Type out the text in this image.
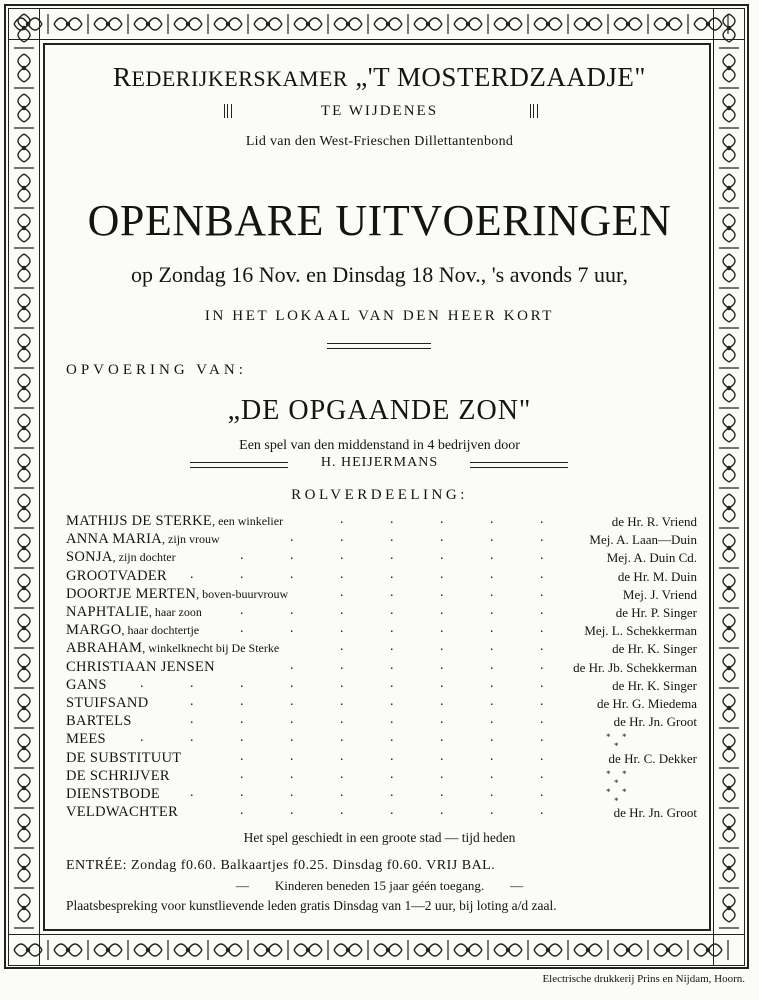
REDERIJKERSKAMER „'T MOSTERDZAADJE"
TE WIJDENES
Lid van den West-Frieschen Dillettantenbond
OPENBARE UITVOERINGEN
op Zondag 16 Nov. en Dinsdag 18 Nov., 's avonds 7 uur,
IN HET LOKAAL VAN DEN HEER KORT
OPVOERING VAN:
„DE OPGAANDE ZON"
Een spel van den middenstand in 4 bedrijven door
H. HEIJERMANS
ROLVERDEELING:
MATHIJS DE STERKE, een winkelier	.	.	.	.	.	de Hr. R. Vriend
ANNA MARIA, zijn vrouw	.	.	.	.	.	.	Mej. A. Laan—Duin
SONJA, zijn dochter	.	.	.	.	.	.	.	Mej. A. Duin Cd.
GROOTVADER .	.	.	.	.	.	.	.	de Hr. M. Duin
DOORTJE MERTEN, boven-buurvrouw	.	.	.	.	.	Mej. J. Vriend
NAPHTALIE, haar zoon	.	.	.	.	.	.	.	de Hr. P. Singer
MARGO, haar dochtertje	.	.	.	.	.	.	.	Mej. L. Schekkerman
ABRAHAM, winkelknecht bij De Sterke	.	.	.	.	.	de Hr. K. Singer
CHRISTIAAN JENSEN	.	.	.	.	.	. de Hr. Jb. Schekkerman
GANS .	.	.	.	.	.	.	.	.	de Hr. K. Singer
STUIFSAND	.	.	.	.	.	.	.	.	de Hr. G. Miedema
BARTELS	.	.	.	.	.	.	.	.	de Hr. Jn. Groot
MEES .	.	.	.	.	.	.	.	.	* *
*
DE SUBSTITUUT	.	.	.	.	.	.	.	de Hr. C. Dekker
DE SCHRIJVER	.	.	.	.	.	.	.	* *
*
DIENSTBODE .	.	.	.	.	.	.	.	* *
*
VELDWACHTER	.	.	.	.	.	.	.	de Hr. Jn. Groot
Het spel geschiedt in een groote stad — tijd heden
ENTRÉE: Zondag f0.60. Balkaartjes f0.25. Dinsdag f0.60. VRIJ BAL.
—        Kinderen beneden 15 jaar géén toegang.        —
Plaatsbespreking voor kunstlievende leden gratis Dinsdag van 1—2 uur, bij loting a/d zaal.
Electrische drukkerij Prins en Nijdam, Hoorn.
